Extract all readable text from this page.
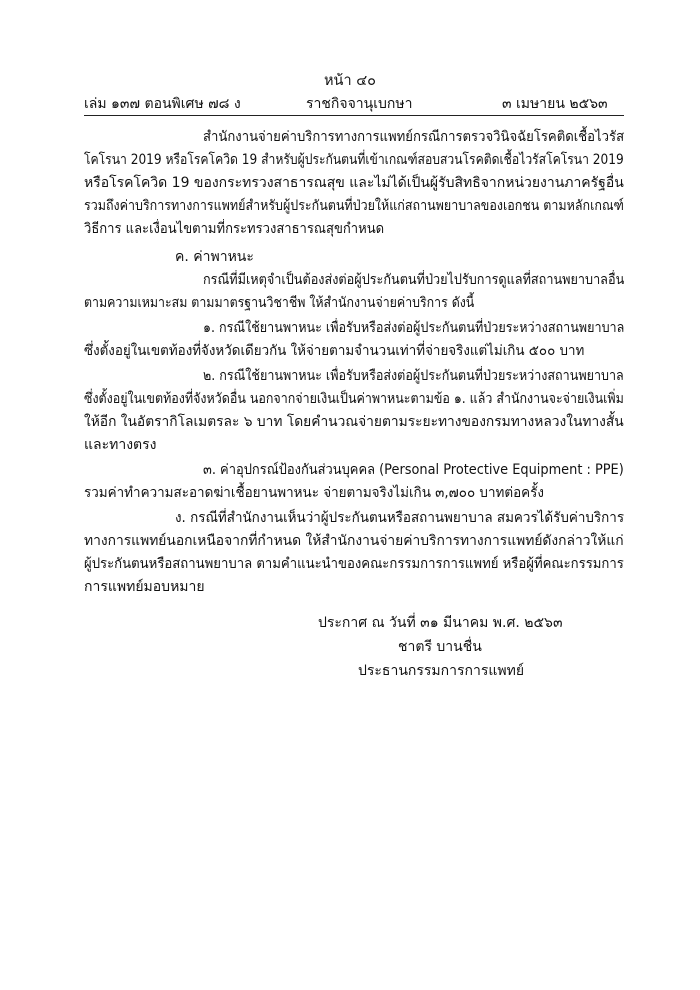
หน้า ๔๐
เล่ม ๑๓๗ ตอนพิเศษ ๗๘ ง	ราชกิจจานุเบกษา	๓ เมษายน ๒๕๖๓
สำนักงานจ่ายค่าบริการทางการแพทย์กรณีการตรวจวินิจฉัยโรคติดเชื้อไวรัส
โคโรนา 2019 หรือโรคโควิด 19 สำหรับผู้ประกันตนที่เข้าเกณฑ์สอบสวนโรคติดเชื้อไวรัสโคโรนา 2019
หรือโรคโควิด 19 ของกระทรวงสาธารณสุข และไม่ได้เป็นผู้รับสิทธิจากหน่วยงานภาครัฐอื่น
รวมถึงค่าบริการทางการแพทย์สำหรับผู้ประกันตนที่ป่วยให้แก่สถานพยาบาลของเอกชน ตามหลักเกณฑ์
วิธีการ และเงื่อนไขตามที่กระทรวงสาธารณสุขกำหนด
ค. ค่าพาหนะ
กรณีที่มีเหตุจำเป็นต้องส่งต่อผู้ประกันตนที่ป่วยไปรับการดูแลที่สถานพยาบาลอื่น
ตามความเหมาะสม ตามมาตรฐานวิชาชีพ ให้สำนักงานจ่ายค่าบริการ ดังนี้
๑. กรณีใช้ยานพาหนะ เพื่อรับหรือส่งต่อผู้ประกันตนที่ป่วยระหว่างสถานพยาบาล
ซึ่งตั้งอยู่ในเขตท้องที่จังหวัดเดียวกัน ให้จ่ายตามจำนวนเท่าที่จ่ายจริงแต่ไม่เกิน ๕๐๐ บาท
๒. กรณีใช้ยานพาหนะ เพื่อรับหรือส่งต่อผู้ประกันตนที่ป่วยระหว่างสถานพยาบาล
ซึ่งตั้งอยู่ในเขตท้องที่จังหวัดอื่น นอกจากจ่ายเงินเป็นค่าพาหนะตามข้อ ๑. แล้ว สำนักงานจะจ่ายเงินเพิ่ม
ให้อีก ในอัตรากิโลเมตรละ ๖ บาท โดยคำนวณจ่ายตามระยะทางของกรมทางหลวงในทางสั้น
และทางตรง
๓. ค่าอุปกรณ์ป้องกันส่วนบุคคล (Personal Protective Equipment : PPE)
รวมค่าทำความสะอาดฆ่าเชื้อยานพาหนะ จ่ายตามจริงไม่เกิน ๓,๗๐๐ บาทต่อครั้ง
ง. กรณีที่สำนักงานเห็นว่าผู้ประกันตนหรือสถานพยาบาล สมควรได้รับค่าบริการ
ทางการแพทย์นอกเหนือจากที่กำหนด ให้สำนักงานจ่ายค่าบริการทางการแพทย์ดังกล่าวให้แก่
ผู้ประกันตนหรือสถานพยาบาล ตามคำแนะนำของคณะกรรมการการแพทย์ หรือผู้ที่คณะกรรมการ
การแพทย์มอบหมาย
ประกาศ ณ วันที่ ๓๑ มีนาคม พ.ศ. ๒๕๖๓
ชาตรี บานชื่น
ประธานกรรมการการแพทย์
